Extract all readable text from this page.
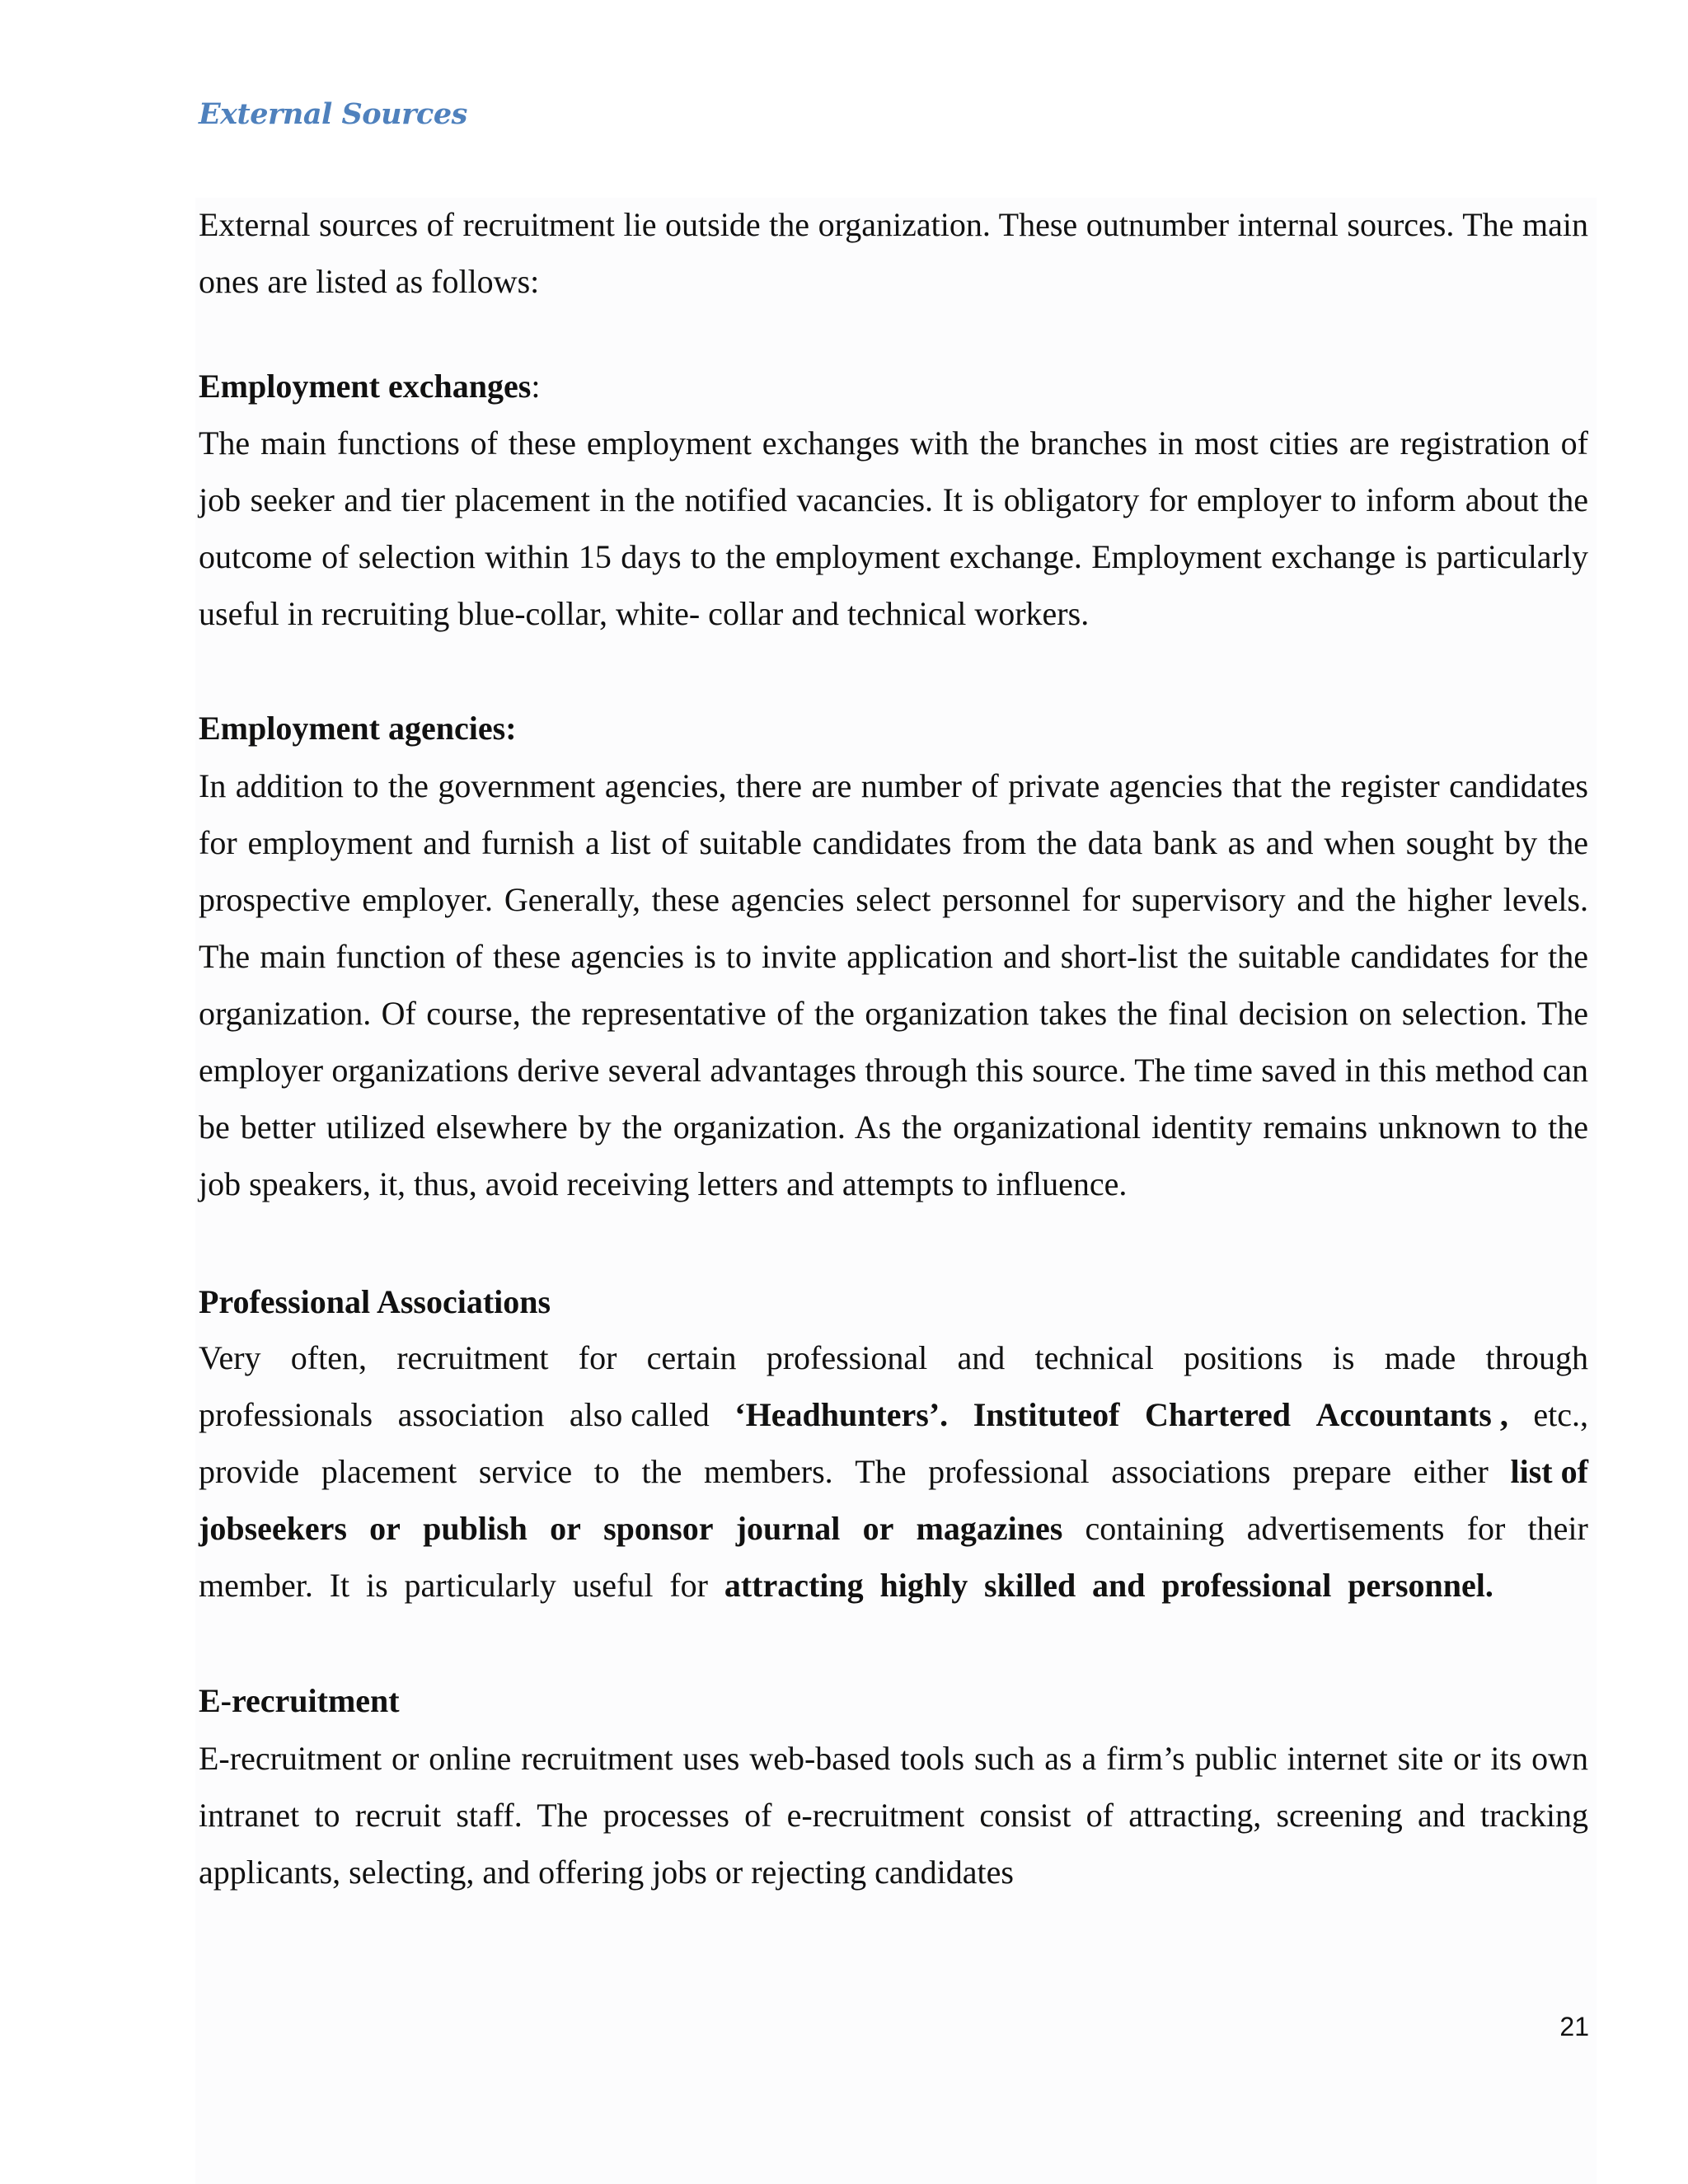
External Sources

External sources of recruitment lie outside the organization. These outnumber internal sources. The main ones are listed as follows:

Employment exchanges:

The main functions of these employment exchanges with the branches in most cities are registration of job seeker and tier placement in the notified vacancies. It is obligatory for employer to inform about the outcome of selection within 15 days to the employment exchange. Employment exchange is particularly useful in recruiting blue-collar, white- collar and technical workers.

Employment agencies:

In addition to the government agencies, there are number of private agencies that the register candidates for employment and furnish a list of suitable candidates from the data bank as and when sought by the prospective employer. Generally, these agencies select personnel for supervisory and the higher levels. The main function of these agencies is to invite application and short-list the suitable candidates for the organization. Of course, the representative of the organization takes the final decision on selection. The employer organizations derive several advantages through this source. The time saved in this method can be better utilized elsewhere by the organization. As the organizational identity remains unknown to the job speakers, it, thus, avoid receiving letters and attempts to influence.

Professional Associations
Very often, recruitment for certain professional and technical positions is made through
professionals association also called ‘Headhunters’. Instituteof Chartered Accountants , etc.,
provide placement service to the members. The professional associations prepare either list of
jobseekers or publish or sponsor journal or magazines containing advertisements for their
member. It is particularly useful for attracting highly skilled and professional personnel.
E-recruitment

E-recruitment or online recruitment uses web-based tools such as a firm’s public internet site or its own intranet to recruit staff. The processes of e-recruitment consist of attracting, screening and tracking applicants, selecting, and offering jobs or rejecting candidates

21
